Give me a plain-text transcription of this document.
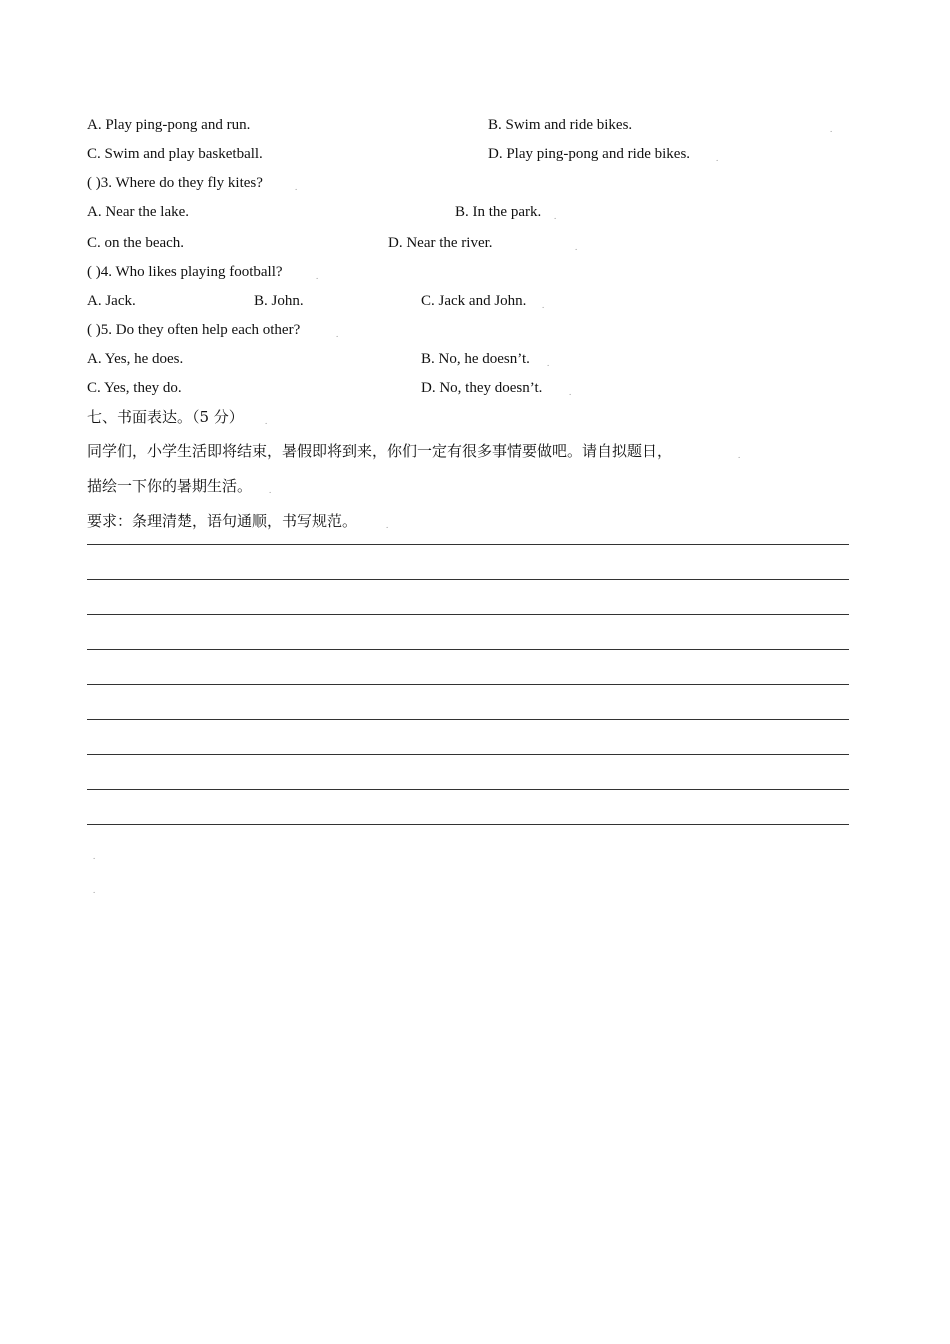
A. Play ping-pong and run.	B. Swim and ride bikes.	.
C. Swim and play basketball.	D. Play ping-pong and ride bikes.	.
( )3. Where do they fly kites?	.
A. Near the lake.	B. In the park. .
C. on the beach.	D. Near the river.	.
( )4. Who likes playing football?	.
A. Jack.	B. John.	C. Jack and John. .
( )5. Do they often help each other?	.
A. Yes, he does.	B. No, he doesn’t. .
C. Yes, they do.	D. No, they doesn’t.	.
七、书面表达。（5 分） .
同学们，小学生活即将结束，暑假即将到来，你们一定有很多事情要做吧。请自拟题日，	.
描绘一下你的暑期生活。 .
要求：条理清楚，语句通顺，书写规范。	.
.
.
